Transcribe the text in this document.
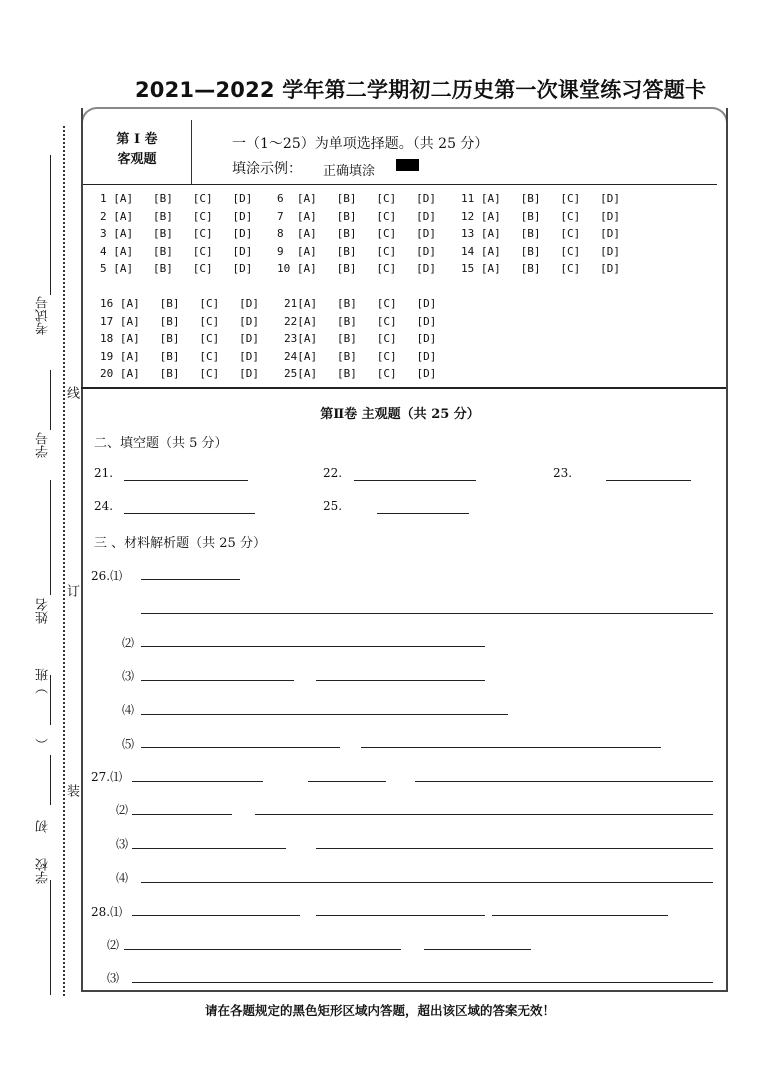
2021—2022 学年第二学期初二历史第一次课堂练习答题卡
考试号
学号
姓名
）班
（
初
学校
线
订
装
第 I 卷
客观题
一（1～25）为单项选择题。（共 25 分）
填涂示例： 正确填涂
1 [A]   [B]   [C]   [D]
2 [A]   [B]   [C]   [D]
3 [A]   [B]   [C]   [D]
4 [A]   [B]   [C]   [D]
5 [A]   [B]   [C]   [D]
6  [A]   [B]   [C]   [D]
7  [A]   [B]   [C]   [D]
8  [A]   [B]   [C]   [D]
9  [A]   [B]   [C]   [D]
10 [A]   [B]   [C]   [D]
11 [A]   [B]   [C]   [D]
12 [A]   [B]   [C]   [D]
13 [A]   [B]   [C]   [D]
14 [A]   [B]   [C]   [D]
15 [A]   [B]   [C]   [D]
16 [A]   [B]   [C]   [D]
17 [A]   [B]   [C]   [D]
18 [A]   [B]   [C]   [D]
19 [A]   [B]   [C]   [D]
20 [A]   [B]   [C]   [D]
21[A]   [B]   [C]   [D]
22[A]   [B]   [C]   [D]
23[A]   [B]   [C]   [D]
24[A]   [B]   [C]   [D]
25[A]   [B]   [C]   [D]
第Ⅱ卷 主观题（共 25 分）
二、填空题（共 5 分）
21.	22.	23.
24.	25.
三 、材料解析题（共 25 分）
26.⑴
⑵
⑶
⑷
⑸
27.⑴
⑵
⑶
⑷
28.⑴
⑵
⑶
请在各题规定的黑色矩形区域内答题，超出该区域的答案无效！
